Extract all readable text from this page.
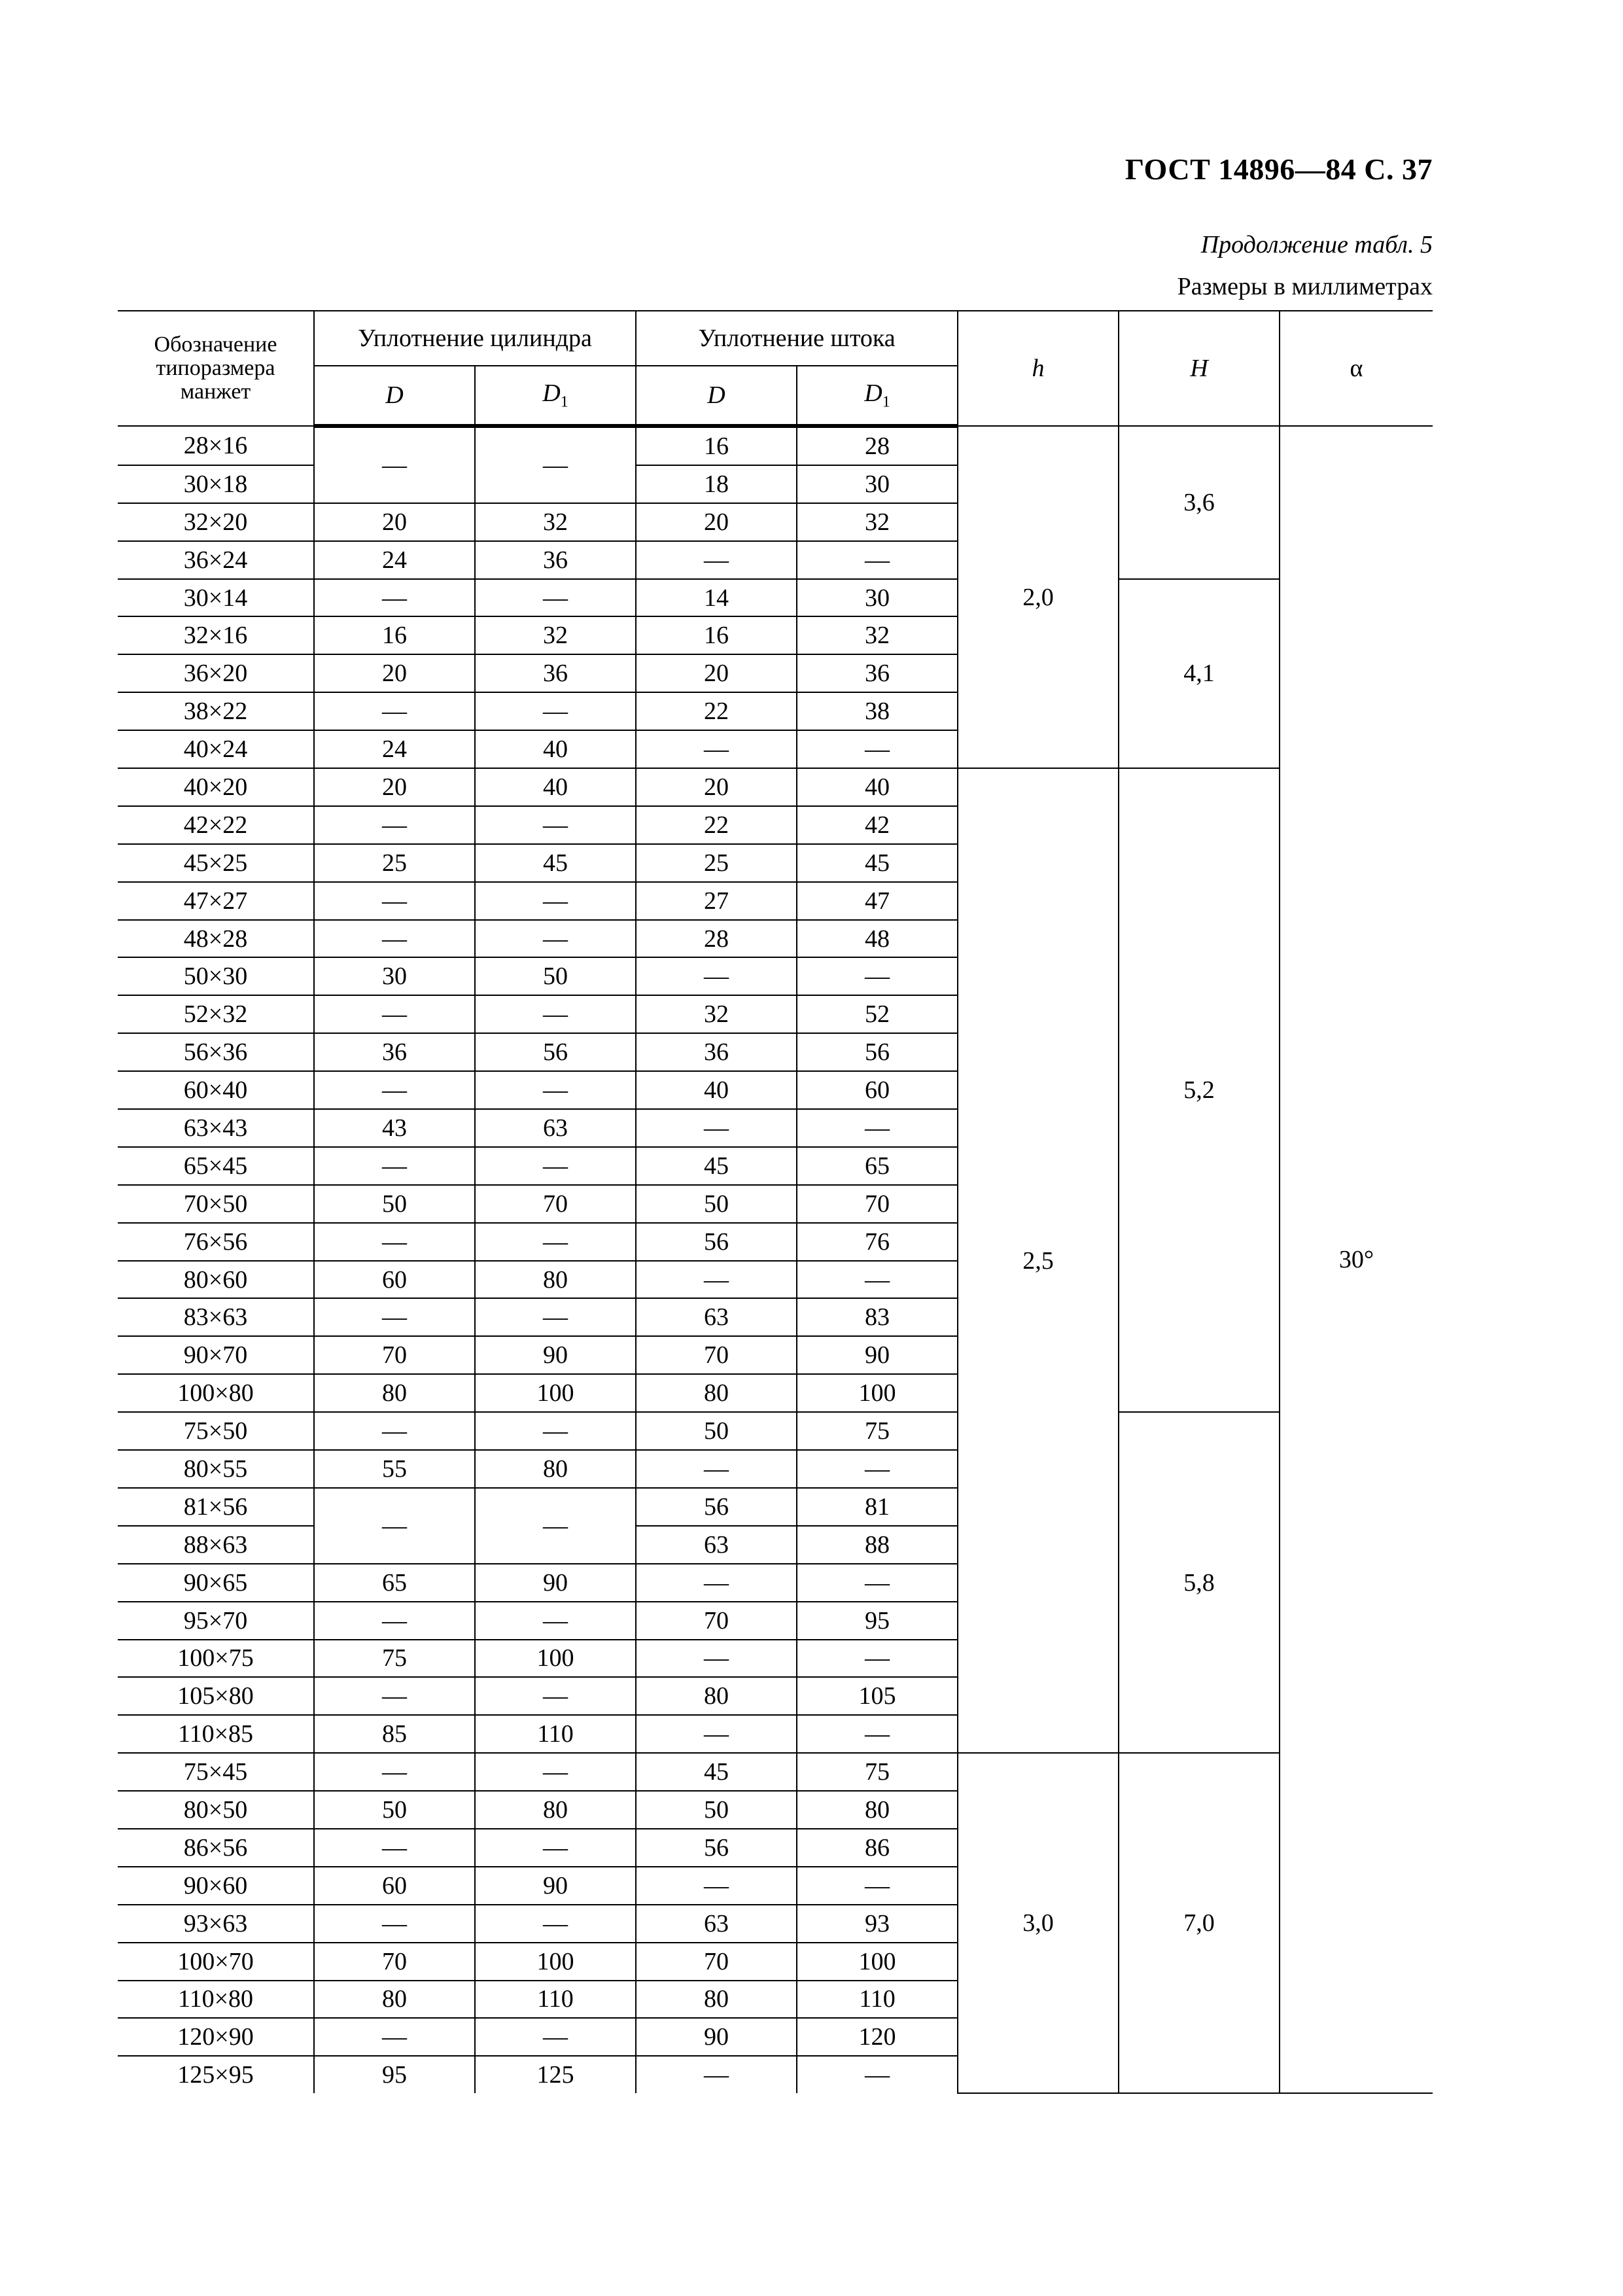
ГОСТ 14896—84 С. 37
Продолжение табл. 5
Размеры в миллиметрах
Обозначение
типоразмера
манжет	Уплотнение цилиндра		Уплотнение штока		h	H	α
	D	$D_1$	D	$D_1$
28×16	—	—	16	28	2,0	3,6	30°
30×18			18	30			
32×20	20	32	20	32			
36×24	24	36	—	—			
30×14	—	—	14	30		4,1	
32×16	16	32	16	32			
36×20	20	36	20	36			
38×22	—	—	22	38			
40×24	24	40	—	—			
40×20	20	40	20	40	2,5	5,2	
42×22	—	—	22	42			
45×25	25	45	25	45			
47×27	—	—	27	47			
48×28	—	—	28	48			
50×30	30	50	—	—			
52×32	—	—	32	52			
56×36	36	56	36	56			
60×40	—	—	40	60			
63×43	43	63	—	—			
65×45	—	—	45	65			
70×50	50	70	50	70			
76×56	—	—	56	76			
80×60	60	80	—	—			
83×63	—	—	63	83			
90×70	70	90	70	90			
100×80	80	100	80	100			
75×50	—	—	50	75		5,8	
80×55	55	80	—	—			
81×56	—	—	56	81			
88×63			63	88			
90×65	65	90	—	—			
95×70	—	—	70	95			
100×75	75	100	—	—			
105×80	—	—	80	105			
110×85	85	110	—	—			
75×45	—	—	45	75	3,0	7,0	
80×50	50	80	50	80			
86×56	—	—	56	86			
90×60	60	90	—	—			
93×63	—	—	63	93			
100×70	70	100	70	100			
110×80	80	110	80	110			
120×90	—	—	90	120			
125×95	95	125	—	—			
